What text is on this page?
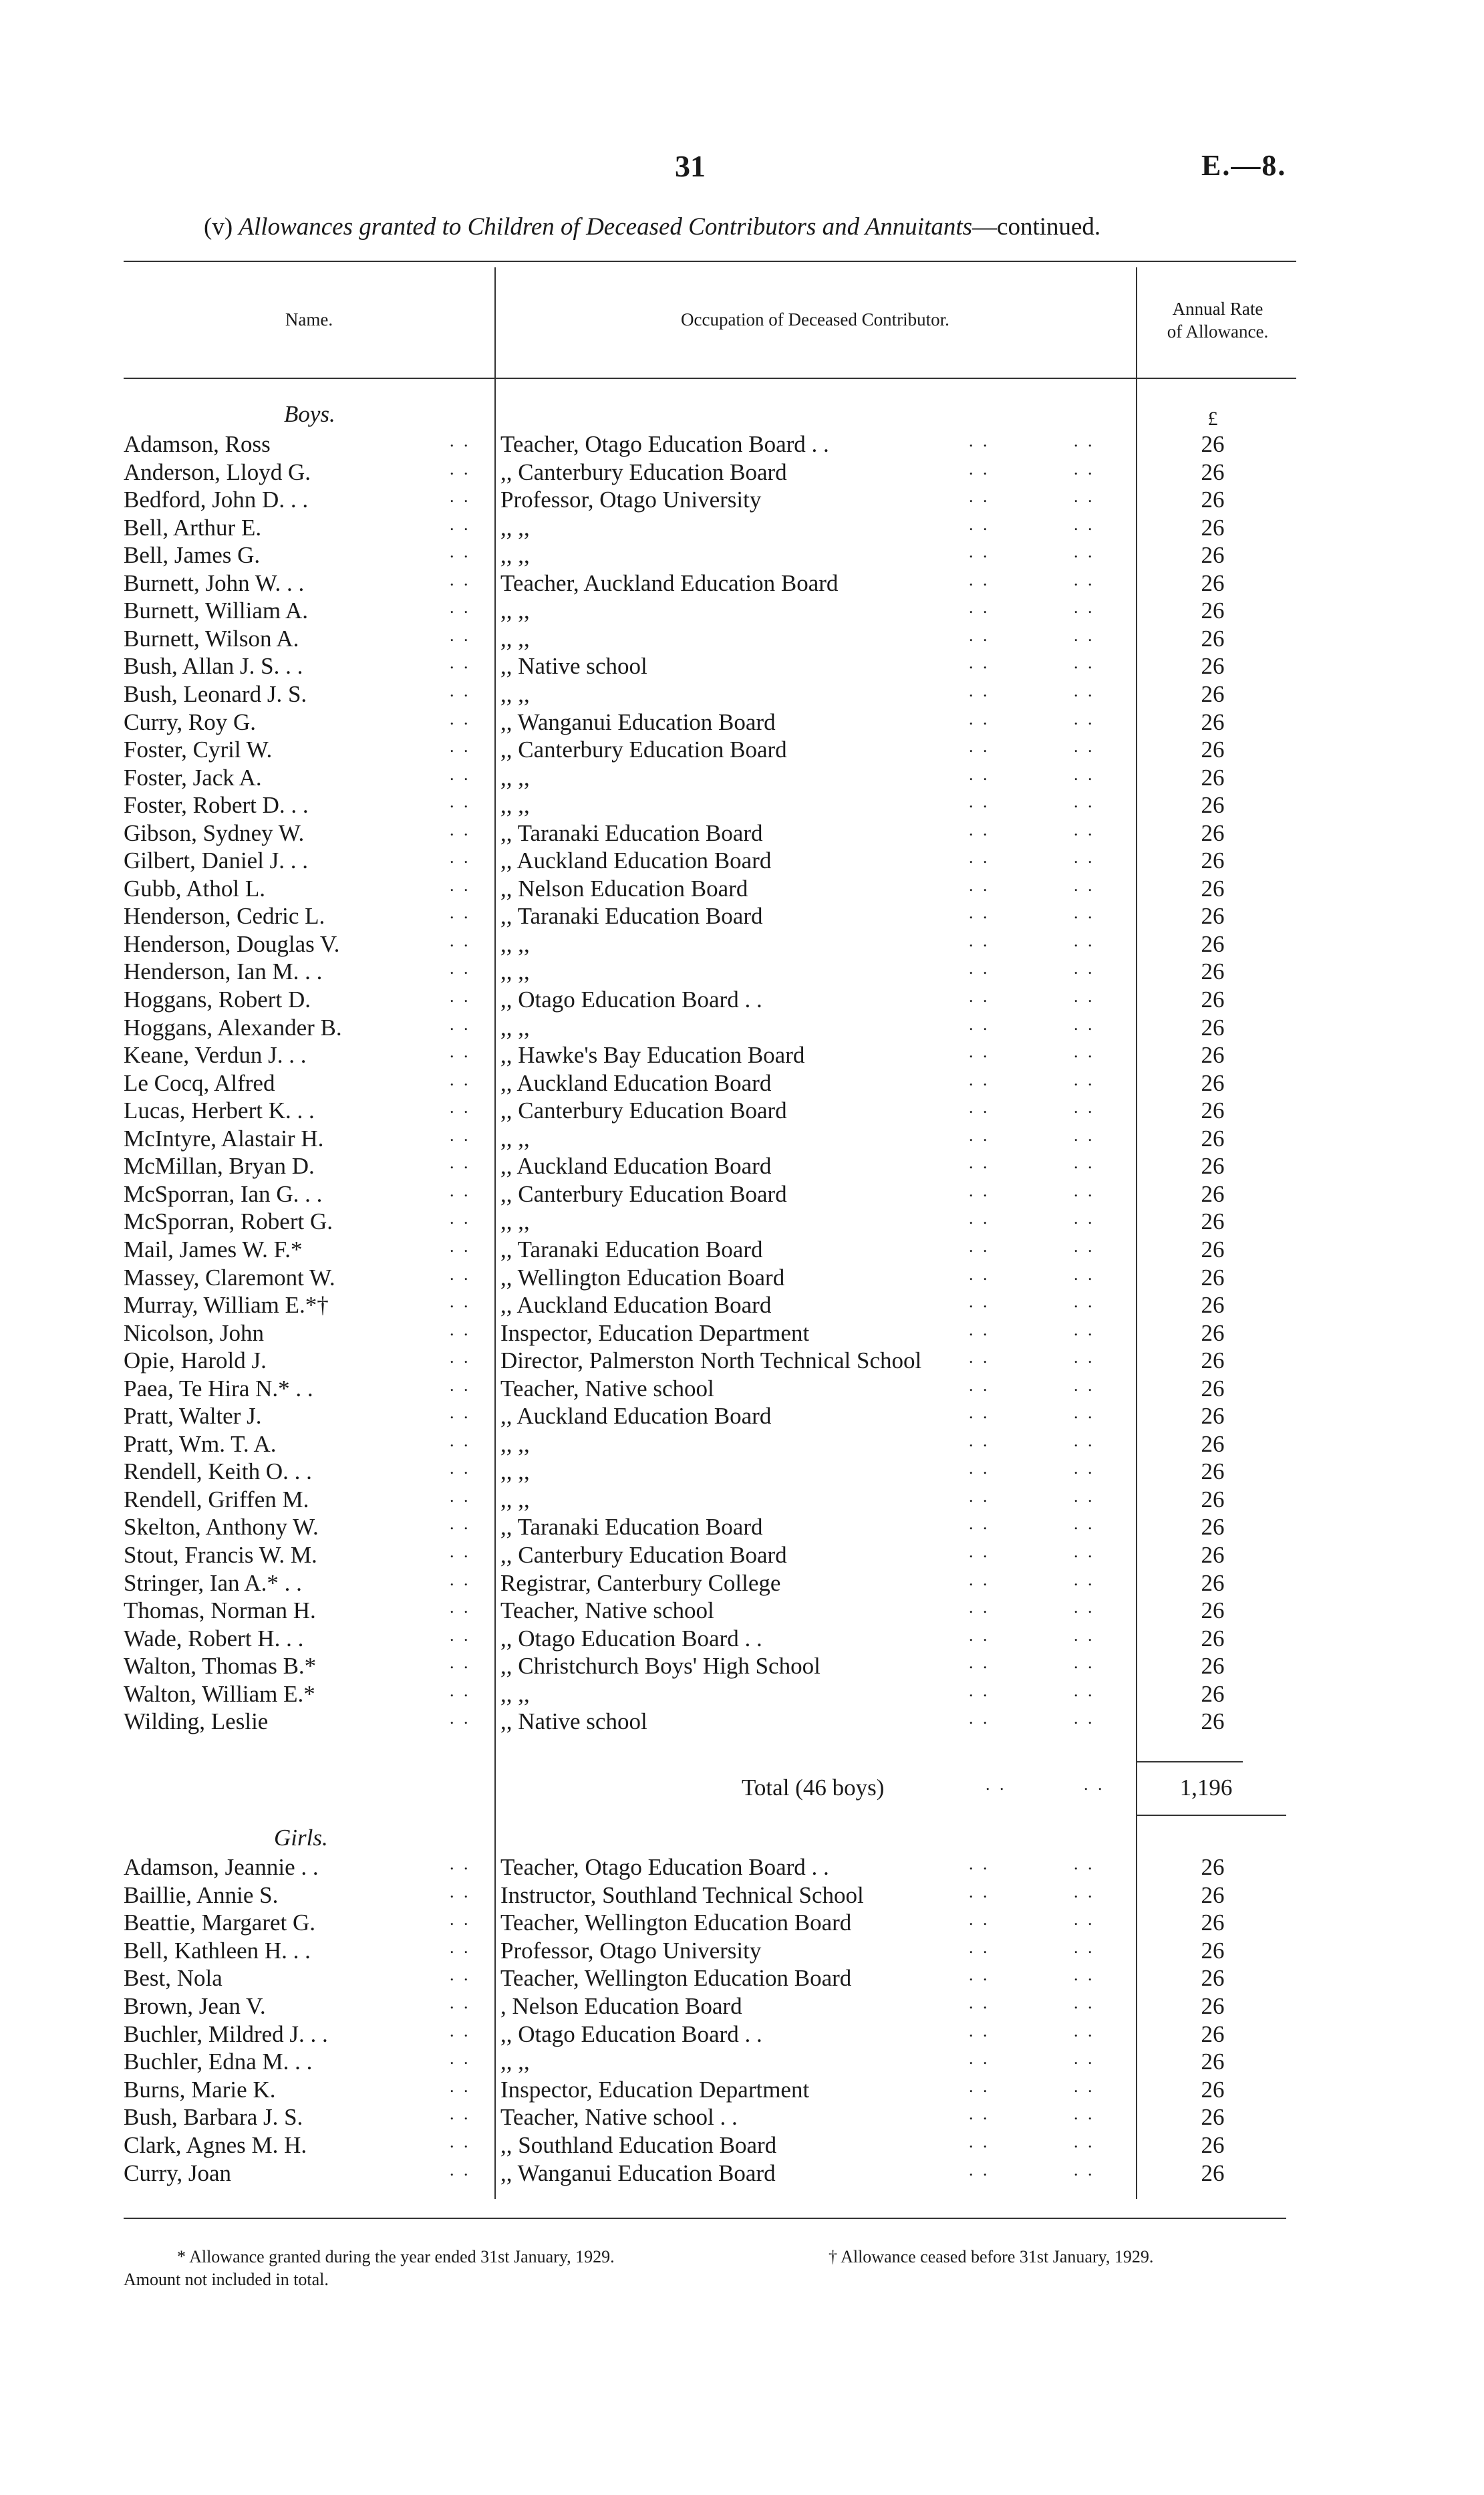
31	E.—8.
(v) Allowances granted to Children of Deceased Contributors and Annuitants—continued.
Name.	Occupation of Deceased Contributor.
Annual Rate
of Allowance.
Boys.	£
Adamson, Ross	. . Teacher, Otago Education Board . .	. .	. .	26
Anderson, Lloyd G.	. . ,, Canterbury Education Board	. .	. .	26
Bedford, John D. . .	. . Professor, Otago University	. .	. .	26
Bell, Arthur E.	. . ,, ,,	. .	. .	26
Bell, James G.	. . ,, ,,	. .	. .	26
Burnett, John W. . .	. . Teacher, Auckland Education Board	. .	. .	26
Burnett, William A.	. . ,, ,,	. .	. .	26
Burnett, Wilson A.	. . ,, ,,	. .	. .	26
Bush, Allan J. S. . .	. . ,, Native school	. .	. .	26
Bush, Leonard J. S.	. . ,, ,,	. .	. .	26
Curry, Roy G.	. . ,, Wanganui Education Board	. .	. .	26
Foster, Cyril W.	. . ,, Canterbury Education Board	. .	. .	26
Foster, Jack A.	. . ,, ,,	. .	. .	26
Foster, Robert D. . .	. . ,, ,,	. .	. .	26
Gibson, Sydney W.	. . ,, Taranaki Education Board	. .	. .	26
Gilbert, Daniel J. . .	. . ,, Auckland Education Board	. .	. .	26
Gubb, Athol L.	. . ,, Nelson Education Board	. .	. .	26
Henderson, Cedric L.	. . ,, Taranaki Education Board	. .	. .	26
Henderson, Douglas V.	. . ,, ,,	. .	. .	26
Henderson, Ian M. . .	. . ,, ,,	. .	. .	26
Hoggans, Robert D.	. . ,, Otago Education Board . .	. .	. .	26
Hoggans, Alexander B.	. . ,, ,,	. .	. .	26
Keane, Verdun J. . .	. . ,, Hawke's Bay Education Board	. .	. .	26
Le Cocq, Alfred	. . ,, Auckland Education Board	. .	. .	26
Lucas, Herbert K. . .	. . ,, Canterbury Education Board	. .	. .	26
McIntyre, Alastair H.	. . ,, ,,	. .	. .	26
McMillan, Bryan D.	. . ,, Auckland Education Board	. .	. .	26
McSporran, Ian G. . .	. . ,, Canterbury Education Board	. .	. .	26
McSporran, Robert G.	. . ,, ,,	. .	. .	26
Mail, James W. F.*	. . ,, Taranaki Education Board	. .	. .	26
Massey, Claremont W.	. . ,, Wellington Education Board	. .	. .	26
Murray, William E.*†	. . ,, Auckland Education Board	. .	. .	26
Nicolson, John	. . Inspector, Education Department	. .	. .	26
Opie, Harold J.	. . Director, Palmerston North Technical School	. .	. .	26
Paea, Te Hira N.* . .	. . Teacher, Native school	. .	. .	26
Pratt, Walter J.	. . ,, Auckland Education Board	. .	. .	26
Pratt, Wm. T. A.	. . ,, ,,	. .	. .	26
Rendell, Keith O. . .	. . ,, ,,	. .	. .	26
Rendell, Griffen M.	. . ,, ,,	. .	. .	26
Skelton, Anthony W.	. . ,, Taranaki Education Board	. .	. .	26
Stout, Francis W. M.	. . ,, Canterbury Education Board	. .	. .	26
Stringer, Ian A.* . .	. . Registrar, Canterbury College	. .	. .	26
Thomas, Norman H.	. . Teacher, Native school	. .	. .	26
Wade, Robert H. . .	. . ,, Otago Education Board . .	. .	. .	26
Walton, Thomas B.*	. . ,, Christchurch Boys' High School	. .	. .	26
Walton, William E.*	. . ,, ,,	. .	. .	26
Wilding, Leslie	. . ,, Native school	. .	. .	26
Total (46 boys)	. .	. .	1,196
Girls.
Adamson, Jeannie . .	. . Teacher, Otago Education Board . .	. .	. .	26
Baillie, Annie S.	. . Instructor, Southland Technical School	. .	. .	26
Beattie, Margaret G.	. . Teacher, Wellington Education Board	. .	. .	26
Bell, Kathleen H. . .	. . Professor, Otago University	. .	. .	26
Best, Nola	. . Teacher, Wellington Education Board	. .	. .	26
Brown, Jean V.	. . , Nelson Education Board	. .	. .	26
Buchler, Mildred J. . .	. . ,, Otago Education Board . .	. .	. .	26
Buchler, Edna M. . .	. . ,, ,,	. .	. .	26
Burns, Marie K.	. . Inspector, Education Department	. .	. .	26
Bush, Barbara J. S.	. . Teacher, Native school . .	. .	. .	26
Clark, Agnes M. H.	. . ,, Southland Education Board	. .	. .	26
Curry, Joan	. . ,, Wanganui Education Board	. .	. .	26
* Allowance granted during the year ended 31st January, 1929.	† Allowance ceased before 31st January, 1929.
Amount not included in total.
